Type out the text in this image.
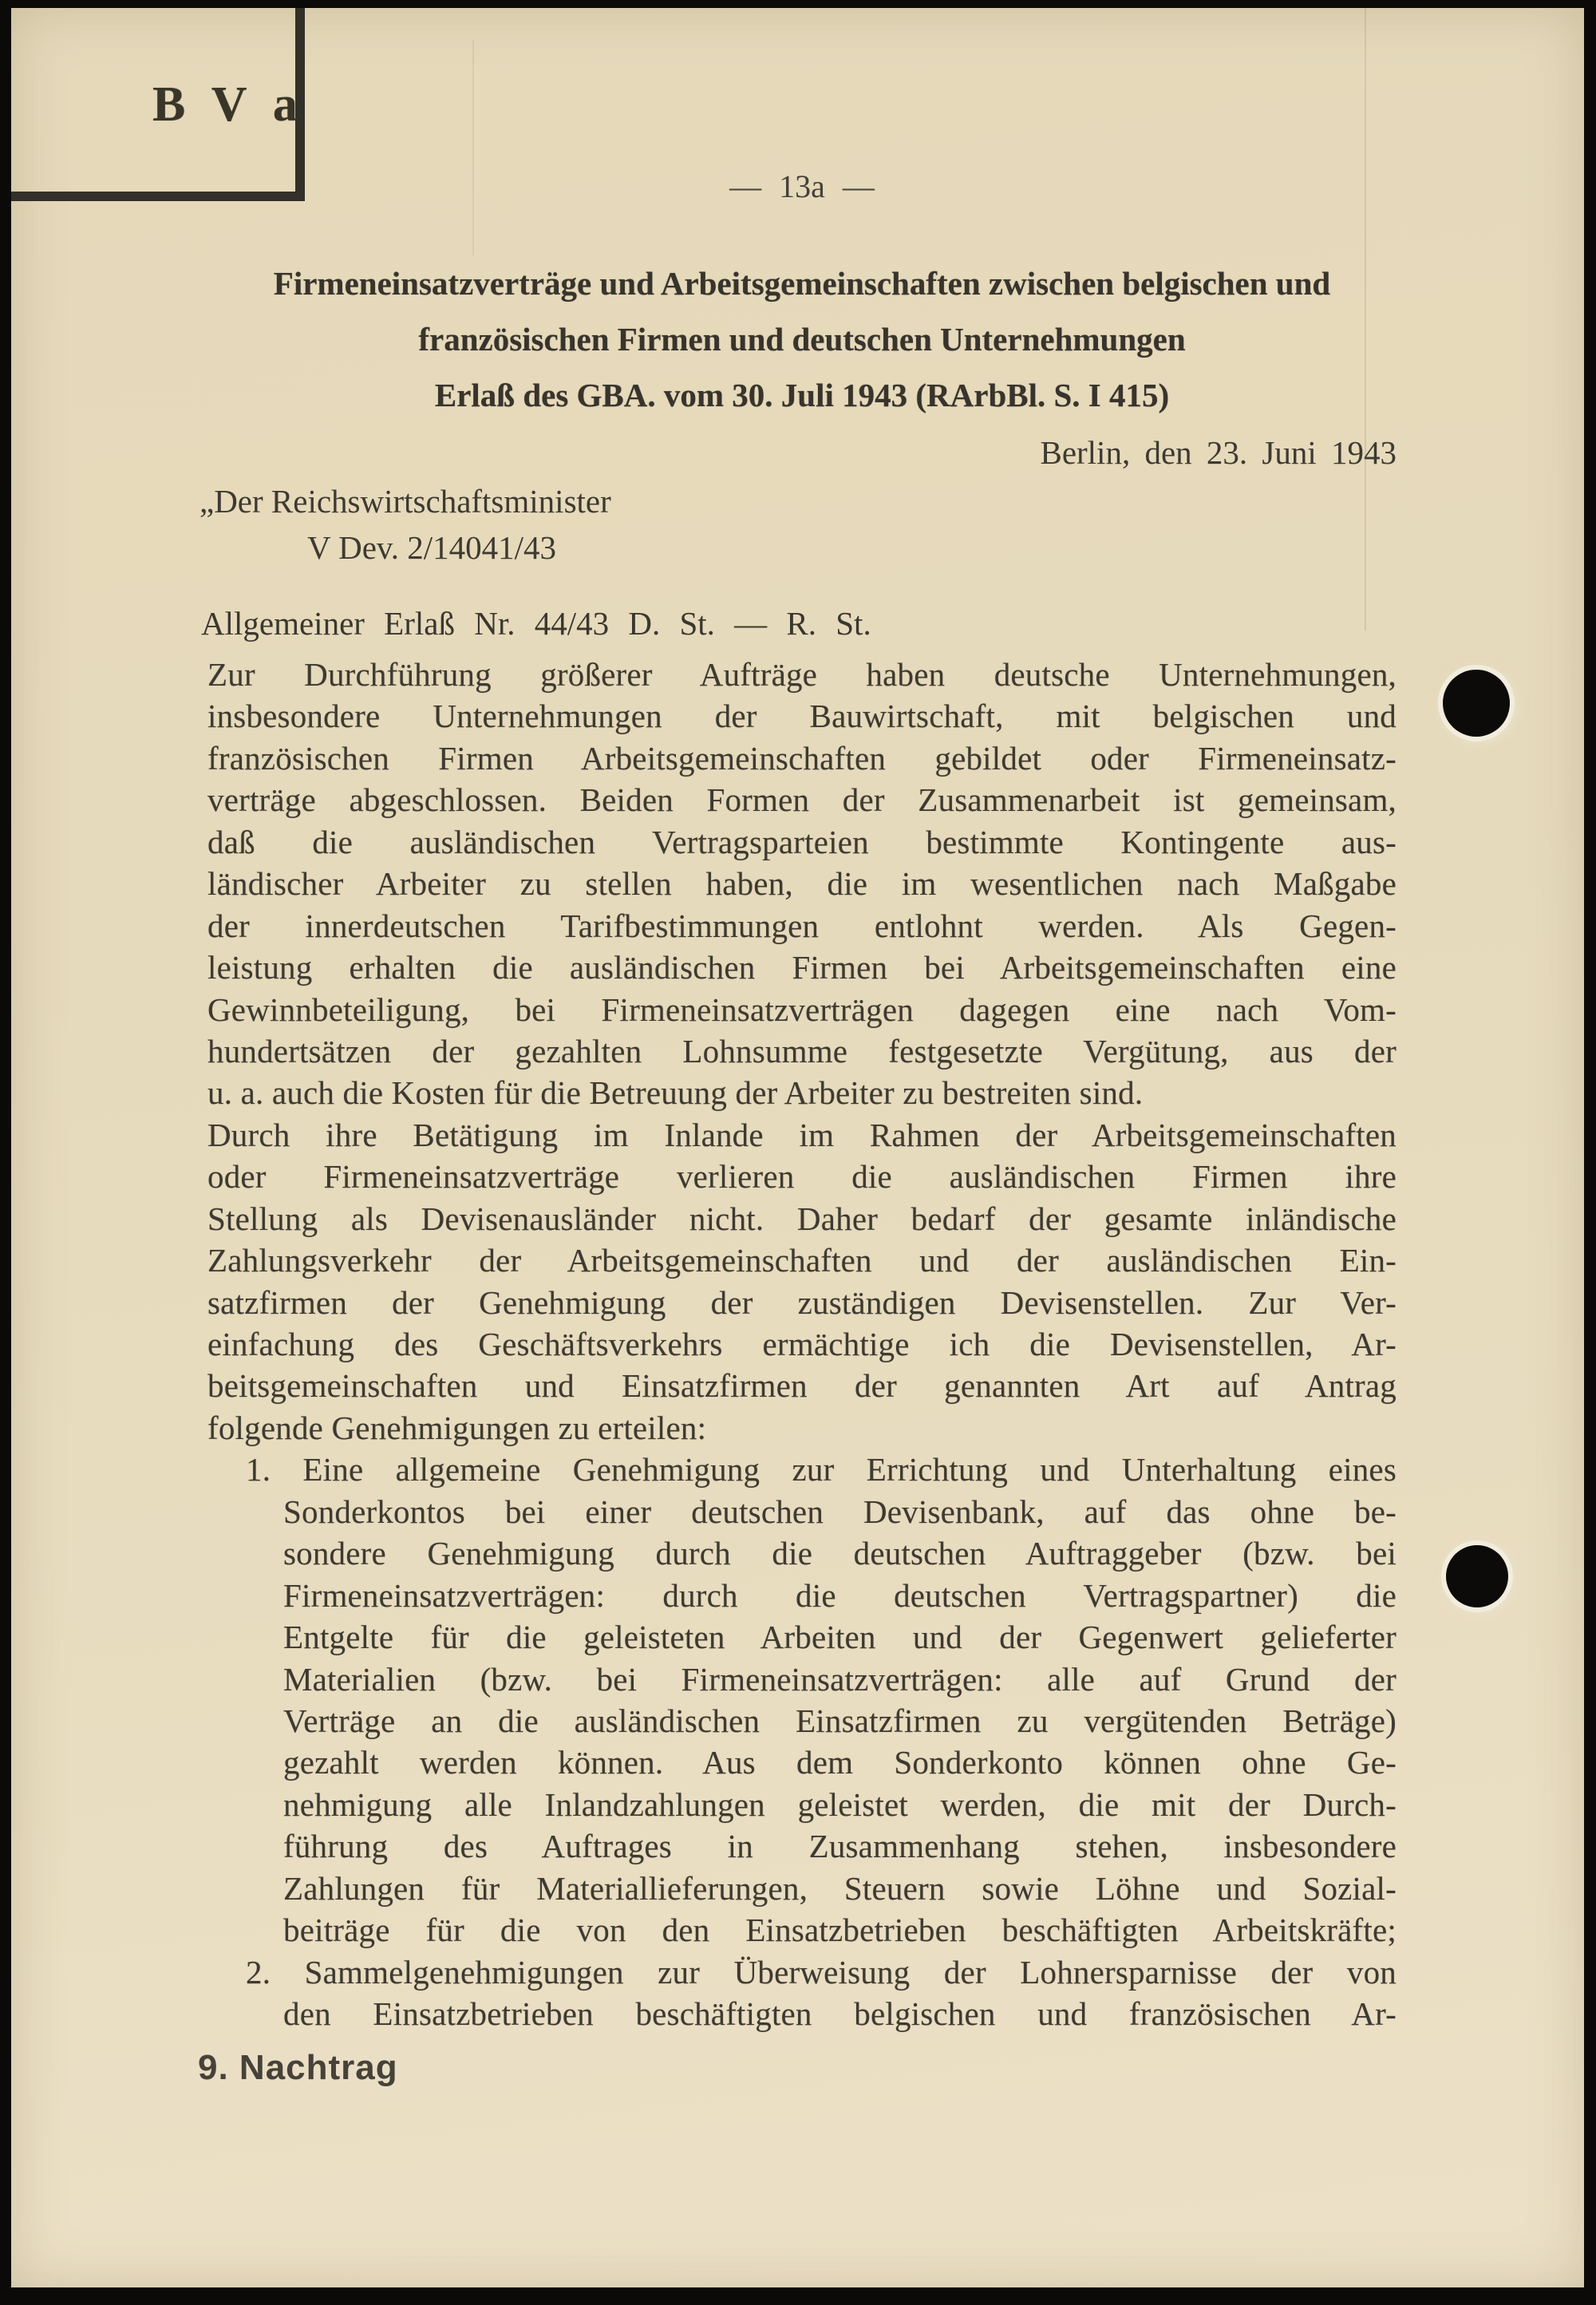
B V a
— 13a —
Firmeneinsatzverträge und Arbeitsgemeinschaften zwischen belgischen und
französischen Firmen und deutschen Unternehmungen
Erlaß des GBA. vom 30. Juli 1943 (RArbBl. S. I 415)
Berlin, den 23. Juni 1943
„Der Reichswirtschaftsminister
V Dev. 2/14041/43
Allgemeiner Erlaß Nr. 44/43 D. St. — R. St.
Zur Durchführung größerer Aufträge haben deutsche Unternehmungen,
insbesondere Unternehmungen der Bauwirtschaft, mit belgischen und
französischen Firmen Arbeitsgemeinschaften gebildet oder Firmeneinsatz-
verträge abgeschlossen. Beiden Formen der Zusammenarbeit ist gemeinsam,
daß die ausländischen Vertragsparteien bestimmte Kontingente aus-
ländischer Arbeiter zu stellen haben, die im wesentlichen nach Maßgabe
der innerdeutschen Tarifbestimmungen entlohnt werden. Als Gegen-
leistung erhalten die ausländischen Firmen bei Arbeitsgemeinschaften eine
Gewinnbeteiligung, bei Firmeneinsatzverträgen dagegen eine nach Vom-
hundertsätzen der gezahlten Lohnsumme festgesetzte Vergütung, aus der
u. a. auch die Kosten für die Betreuung der Arbeiter zu bestreiten sind.
Durch ihre Betätigung im Inlande im Rahmen der Arbeitsgemeinschaften
oder Firmeneinsatzverträge verlieren die ausländischen Firmen ihre
Stellung als Devisenausländer nicht. Daher bedarf der gesamte inländische
Zahlungsverkehr der Arbeitsgemeinschaften und der ausländischen Ein-
satzfirmen der Genehmigung der zuständigen Devisenstellen. Zur Ver-
einfachung des Geschäftsverkehrs ermächtige ich die Devisenstellen, Ar-
beitsgemeinschaften und Einsatzfirmen der genannten Art auf Antrag
folgende Genehmigungen zu erteilen:
1. Eine allgemeine Genehmigung zur Errichtung und Unterhaltung eines
Sonderkontos bei einer deutschen Devisenbank, auf das ohne be-
sondere Genehmigung durch die deutschen Auftraggeber (bzw. bei
Firmeneinsatzverträgen: durch die deutschen Vertragspartner) die
Entgelte für die geleisteten Arbeiten und der Gegenwert gelieferter
Materialien (bzw. bei Firmeneinsatzverträgen: alle auf Grund der
Verträge an die ausländischen Einsatzfirmen zu vergütenden Beträge)
gezahlt werden können. Aus dem Sonderkonto können ohne Ge-
nehmigung alle Inlandzahlungen geleistet werden, die mit der Durch-
führung des Auftrages in Zusammenhang stehen, insbesondere
Zahlungen für Materiallieferungen, Steuern sowie Löhne und Sozial-
beiträge für die von den Einsatzbetrieben beschäftigten Arbeitskräfte;
2. Sammelgenehmigungen zur Überweisung der Lohnersparnisse der von
den Einsatzbetrieben beschäftigten belgischen und französischen Ar-
9. Nachtrag
